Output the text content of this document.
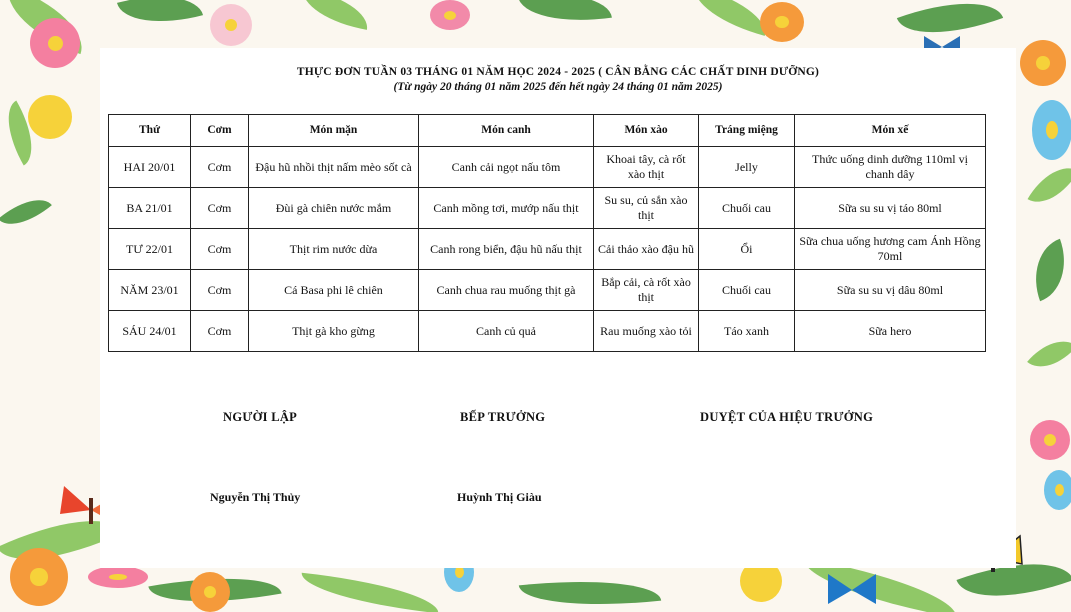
THỰC ĐƠN TUẦN 03 THÁNG 01 NĂM HỌC 2024 - 2025 ( CÂN BẰNG CÁC CHẤT DINH DƯỠNG)
(Từ ngày 20 tháng 01 năm 2025 đến hết ngày 24 tháng 01 năm 2025)
Thứ	Cơm	Món mặn	Món canh	Món xào	Tráng miệng	Món xế
HAI 20/01	Cơm	Đậu hũ nhồi thịt nấm mèo sốt cà	Canh cải ngọt nấu tôm	Khoai tây, cà rốt xào thịt	Jelly	Thức uống dinh dưỡng 110ml vị chanh dây
BA 21/01	Cơm	Đùi gà chiên nước mắm	Canh mồng tơi, mướp nấu thịt	Su su, củ sắn xào thịt	Chuối cau	Sữa su su vị táo 80ml
TƯ 22/01	Cơm	Thịt rim nước dừa	Canh rong biển, đậu hũ nấu thịt	Cải thảo xào đậu hũ	Ổi	Sữa chua uống hương cam Ánh Hồng 70ml
NĂM 23/01	Cơm	Cá Basa phi lê chiên	Canh chua rau muống thịt gà	Bắp cải, cà rốt xào thịt	Chuối cau	Sữa su su vị dâu 80ml
SÁU 24/01	Cơm	Thịt gà kho gừng	Canh củ quả	Rau muống xào tỏi	Táo xanh	Sữa hero
NGƯỜI LẬP	BẾP TRƯỞNG	DUYỆT CỦA HIỆU TRƯỞNG
Nguyễn Thị Thủy	Huỳnh Thị Giàu
